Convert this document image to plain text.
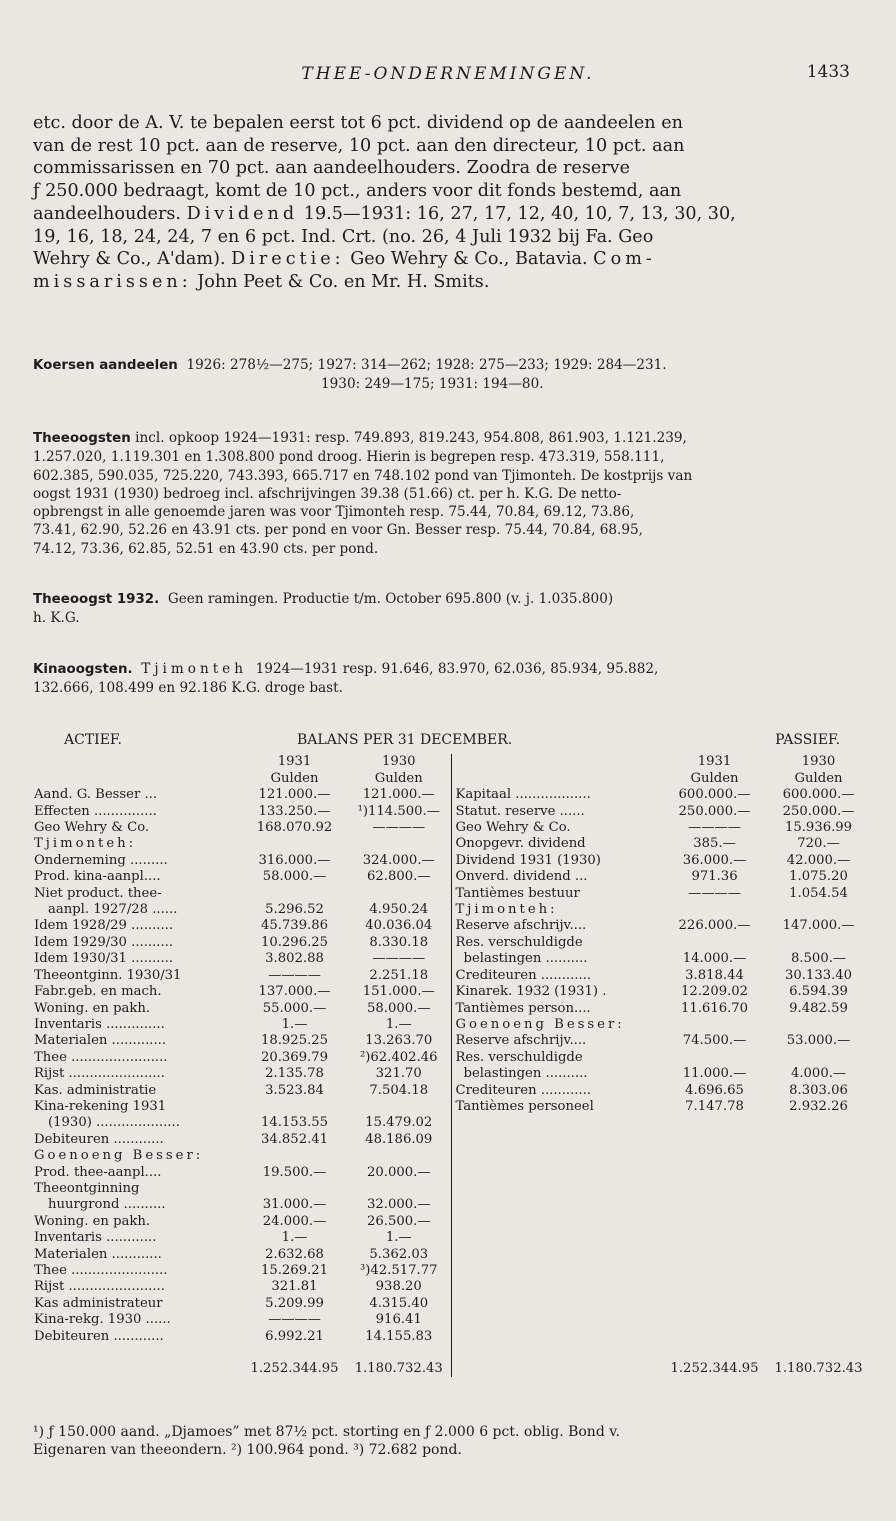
THEE-ONDERNEMINGEN.	1433
etc. door de A. V. te bepalen eerst tot 6 pct. dividend op de aandeelen en
van de rest 10 pct. aan de reserve, 10 pct. aan den directeur, 10 pct. aan
commissarissen en 70 pct. aan aandeelhouders. Zoodra de reserve
ƒ 250.000 bedraagt, komt de 10 pct., anders voor dit fonds bestemd, aan
aandeelhouders. Dividend 19.5—1931: 16, 27, 17, 12, 40, 10, 7, 13, 30, 30,
19, 16, 18, 24, 24, 7 en 6 pct. Ind. Crt. (no. 26, 4 Juli 1932 bij Fa. Geo
Wehry & Co., A'dam). Directie: Geo Wehry & Co., Batavia. Com-
missarissen: John Peet & Co. en Mr. H. Smits.
Koersen aandeelen 1926: 278½—275; 1927: 314—262; 1928: 275—233; 1929: 284—231.
1930: 249—175; 1931: 194—80.
Theeoogsten incl. opkoop 1924—1931: resp. 749.893, 819.243, 954.808, 861.903, 1.121.239,
1.257.020, 1.119.301 en 1.308.800 pond droog. Hierin is begrepen resp. 473.319, 558.111,
602.385, 590.035, 725.220, 743.393, 665.717 en 748.102 pond van Tjimonteh. De kostprijs van
oogst 1931 (1930) bedroeg incl. afschrijvingen 39.38 (51.66) ct. per h. K.G. De netto-
opbrengst in alle genoemde jaren was voor Tjimonteh resp. 75.44, 70.84, 69.12, 73.86,
73.41, 62.90, 52.26 en 43.91 cts. per pond en voor Gn. Besser resp. 75.44, 70.84, 68.95,
74.12, 73.36, 62.85, 52.51 en 43.90 cts. per pond.
Theeoogst 1932. Geen ramingen. Productie t/m. October 695.800 (v. j. 1.035.800)
h. K.G.
Kinaoogsten. Tjimonteh 1924—1931 resp. 91.646, 83.970, 62.036, 85.934, 95.882,
132.666, 108.499 en 92.186 K.G. droge bast.
ACTIEF.	BALANS PER 31 DECEMBER.			PASSIEF.	
	1931	1930		1931	1930
	Gulden	Gulden		Gulden	Gulden
Aand. G. Besser ...	121.000.—	121.000.—	Kapitaal ..................	600.000.—	600.000.—
Effecten ...............	133.250.—	¹)114.500.—	Statut. reserve ......	250.000.—	250.000.—
Geo Wehry & Co.	168.070.92	————	Geo Wehry & Co.	————	15.936.99
Tjimonteh:			Onopgevr. dividend	385.—	720.—
Onderneming .........	316.000.—	324.000.—	Dividend 1931 (1930)	36.000.—	42.000.—
Prod. kina-aanpl....	58.000.—	62.800.—	Onverd. dividend ...	971.36	1.075.20
Niet product. thee-			Tantièmes bestuur	————	1.054.54
aanpl. 1927/28 ......	5.296.52	4.950.24	Tjimonteh:		
Idem 1928/29 ..........	45.739.86	40.036.04	Reserve afschrijv....	226.000.—	147.000.—
Idem 1929/30 ..........	10.296.25	8.330.18	Res. verschuldigde		
Idem 1930/31 ..........	3.802.88	————	belastingen ..........	14.000.—	8.500.—
Theeontginn. 1930/31	————	2.251.18	Crediteuren ............	3.818.44	30.133.40
Fabr.geb. en mach.	137.000.—	151.000.—	Kinarek. 1932 (1931) .	12.209.02	6.594.39
Woning. en pakh.	55.000.—	58.000.—	Tantièmes person....	11.616.70	9.482.59
Inventaris ..............	1.—	1.—	Goenoeng Besser:		
Materialen .............	18.925.25	13.263.70	Reserve afschrijv....	74.500.—	53.000.—
Thee .......................	20.369.79	²)62.402.46	Res. verschuldigde		
Rijst .......................	2.135.78	321.70	belastingen ..........	11.000.—	4.000.—
Kas. administratie	3.523.84	7.504.18	Crediteuren ............	4.696.65	8.303.06
Kina-rekening 1931			Tantièmes personeel	7.147.78	2.932.26
(1930) ....................	14.153.55	15.479.02			
Debiteuren ............	34.852.41	48.186.09			
Goenoeng Besser:					
Prod. thee-aanpl....	19.500.—	20.000.—			
Theeontginning					
huurgrond ..........	31.000.—	32.000.—			
Woning. en pakh.	24.000.—	26.500.—			
Inventaris ............	1.—	1.—			
Materialen ............	2.632.68	5.362.03			
Thee .......................	15.269.21	³)42.517.77			
Rijst .......................	321.81	938.20			
Kas administrateur	5.209.99	4.315.40			
Kina-rekg. 1930 ......	————	916.41			
Debiteuren ............	6.992.21	14.155.83			
	1.252.344.95	1.180.732.43		1.252.344.95	1.180.732.43
¹) ƒ 150.000 aand. „Djamoes” met 87½ pct. storting en ƒ 2.000 6 pct. oblig. Bond v.
Eigenaren van theeondern. ²) 100.964 pond. ³) 72.682 pond.
